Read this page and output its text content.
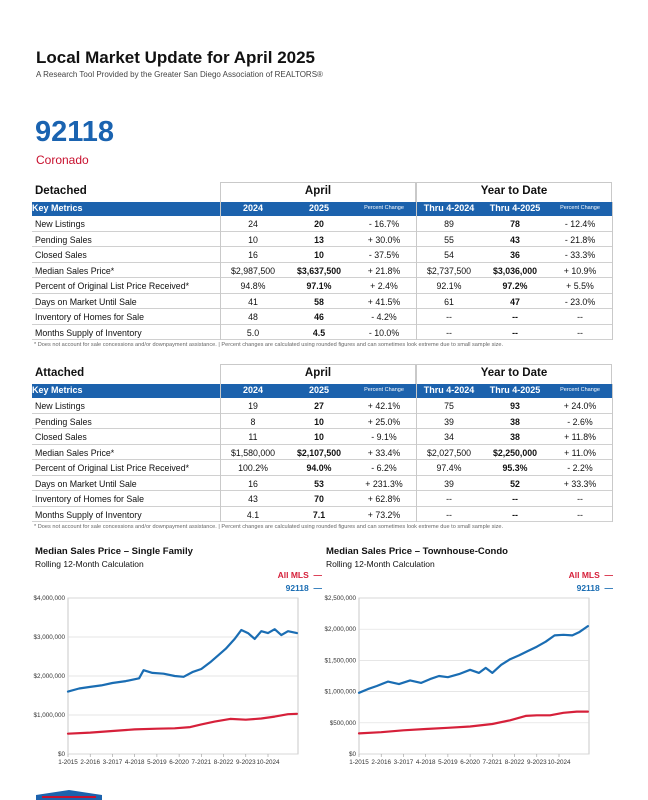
Local Market Update for April 2025
A Research Tool Provided by the Greater San Diego Association of REALTORS®
92118
Coronado
Detached	April	Year to Date
Key Metrics	2024	2025	Percent Change	Thru 4-2024	Thru 4-2025	Percent Change
New Listings	24	20	- 16.7%	89	78	- 12.4%
Pending Sales	10	13	+ 30.0%	55	43	- 21.8%
Closed Sales	16	10	- 37.5%	54	36	- 33.3%
Median Sales Price*	$2,987,500	$3,637,500	+ 21.8%	$2,737,500	$3,036,000	+ 10.9%
Percent of Original List Price Received*	94.8%	97.1%	+ 2.4%	92.1%	97.2%	+ 5.5%
Days on Market Until Sale	41	58	+ 41.5%	61	47	- 23.0%
Inventory of Homes for Sale	48	46	- 4.2%	--	--	--
Months Supply of Inventory	5.0	4.5	- 10.0%	--	--	--
* Does not account for sale concessions and/or downpayment assistance. | Percent changes are calculated using rounded figures and can sometimes look extreme due to small sample size.
Attached	April	Year to Date
Key Metrics	2024	2025	Percent Change	Thru 4-2024	Thru 4-2025	Percent Change
New Listings	19	27	+ 42.1%	75	93	+ 24.0%
Pending Sales	8	10	+ 25.0%	39	38	- 2.6%
Closed Sales	11	10	- 9.1%	34	38	+ 11.8%
Median Sales Price*	$1,580,000	$2,107,500	+ 33.4%	$2,027,500	$2,250,000	+ 11.0%
Percent of Original List Price Received*	100.2%	94.0%	- 6.2%	97.4%	95.3%	- 2.2%
Days on Market Until Sale	16	53	+ 231.3%	39	52	+ 33.3%
Inventory of Homes for Sale	43	70	+ 62.8%	--	--	--
Months Supply of Inventory	4.1	7.1	+ 73.2%	--	--	--
* Does not account for sale concessions and/or downpayment assistance. | Percent changes are calculated using rounded figures and can sometimes look extreme due to small sample size.
$0
$1,000,000
$2,000,000
$3,000,000
$4,000,000
1-2015 2-2016 3-2017 4-2018 5-2019 6-2020 7-2021 8-2022 9-2023 10-2024
Median Sales Price – Single Family
Rolling 12-Month Calculation
All MLS  —
92118  —
$0
$500,000
$1,000,000
$1,500,000
$2,000,000
$2,500,000
1-2015 2-2016 3-2017 4-2018 5-2019 6-2020 7-2021 8-2022 9-2023 10-2024
Median Sales Price – Townhouse-Condo
Rolling 12-Month Calculation
All MLS  —
92118  —
